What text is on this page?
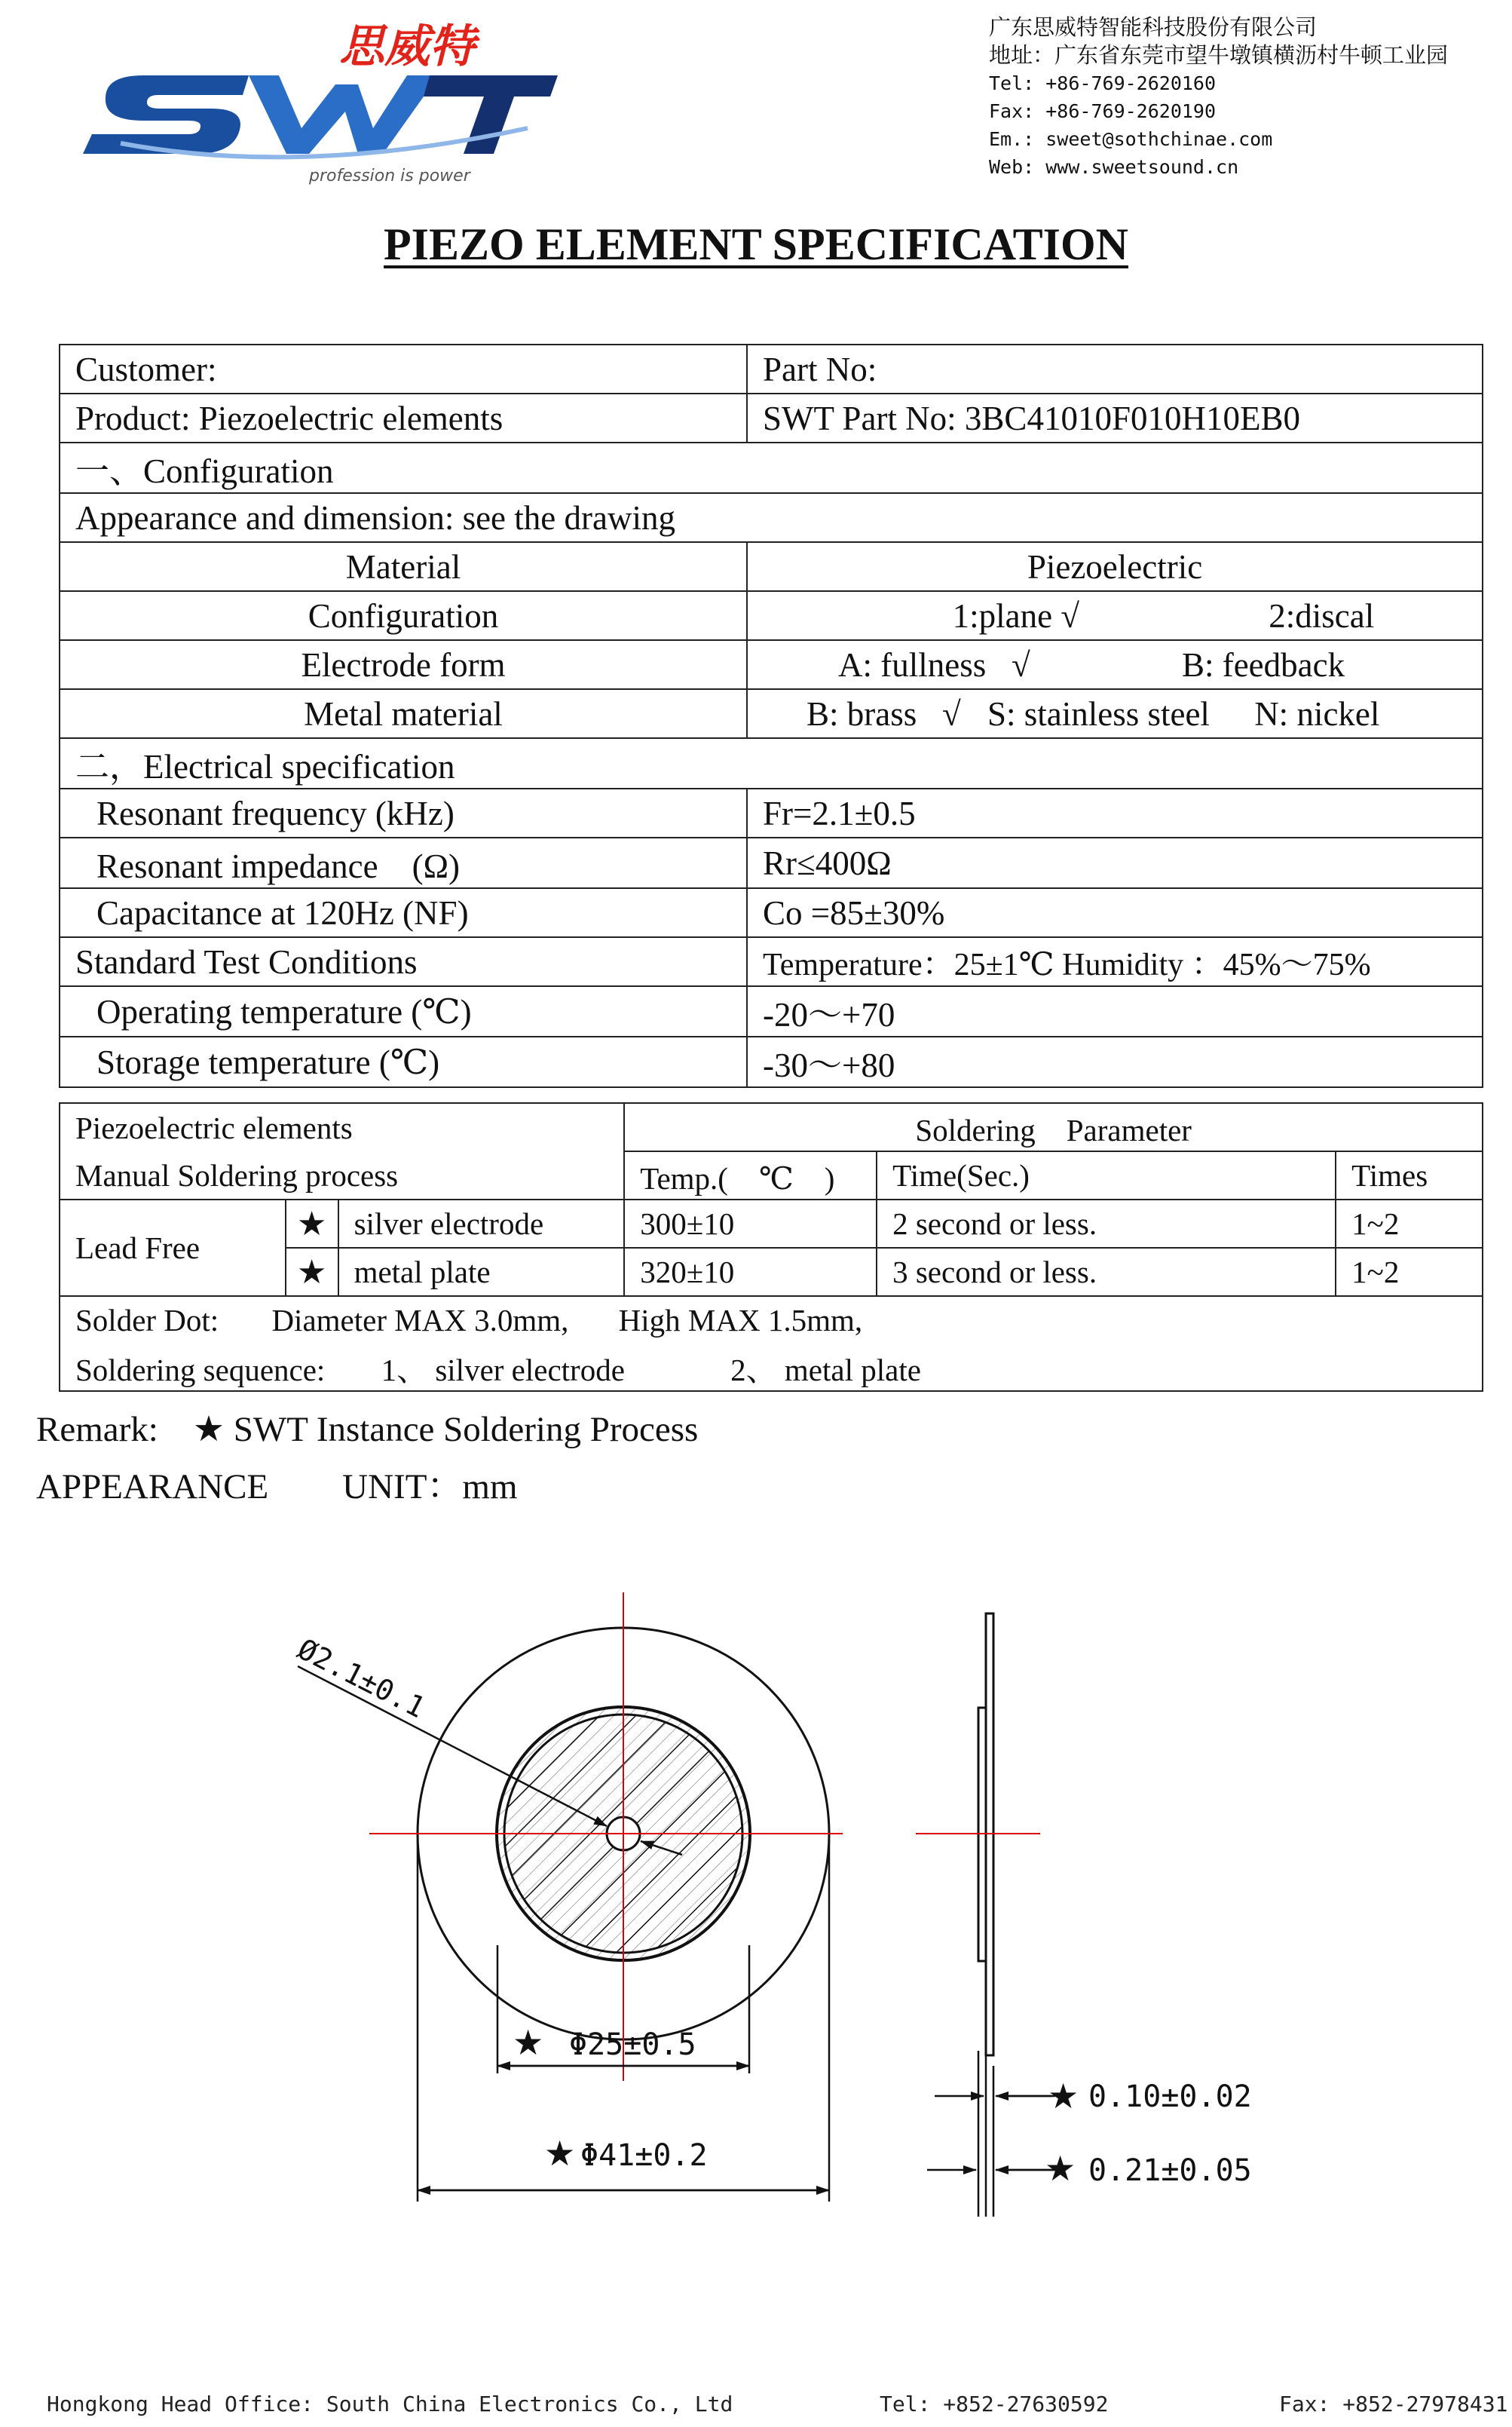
思威特
profession is power
广东思威特智能科技股份有限公司
地址：广东省东莞市望牛墩镇横沥村牛顿工业园
Tel: +86-769-2620160
Fax: +86-769-2620190
Em.: sweet@sothchinae.com
Web: www.sweetsound.cn
PIEZO ELEMENT SPECIFICATION
Customer:	Part No:
Product: Piezoelectric elements	SWT Part No: 3BC41010F010H10EB0
一、Configuration	
Appearance and dimension: see the drawing	
Material	Piezoelectric
Configuration	1:plane √ 2:discal
Electrode form	A: fullness   √ B: feedback
Metal material	B: brass   √ S: stainless steel N: nickel
二，Electrical specification	
Resonant frequency (kHz)	Fr=2.1±0.5
Resonant impedance　(Ω)	Rr≤400Ω
Capacitance at 120Hz (NF)	Co =85±30%
Standard Test Conditions	Temperature：25±1℃ Humidity ：45%～75%
Operating temperature (℃)	-20～+70
Storage temperature (℃)	-30～+80
Piezoelectric elements			Soldering　Parameter		
Manual Soldering process			Temp.(　℃　)	Time(Sec.)	Times
Lead Free	★	silver electrode	300±10	2 second or less.	1~2
	★	metal plate	320±10	3 second or less.	1~2
Solder Dot: Diameter MAX 3.0mm, High MAX 1.5mm,					
Soldering sequence: 1、 silver electrode 2、 metal plate					
Remark: ★ SWT Instance Soldering Process
APPEARANCE UNIT：mm
Ø2.1±0.1
★ Φ25±0.5
★ Φ41±0.2
★ 0.10±0.02
★ 0.21±0.05
Hongkong Head Office: South China Electronics Co., Ltd	Tel: +852-27630592	Fax: +852-27978431
